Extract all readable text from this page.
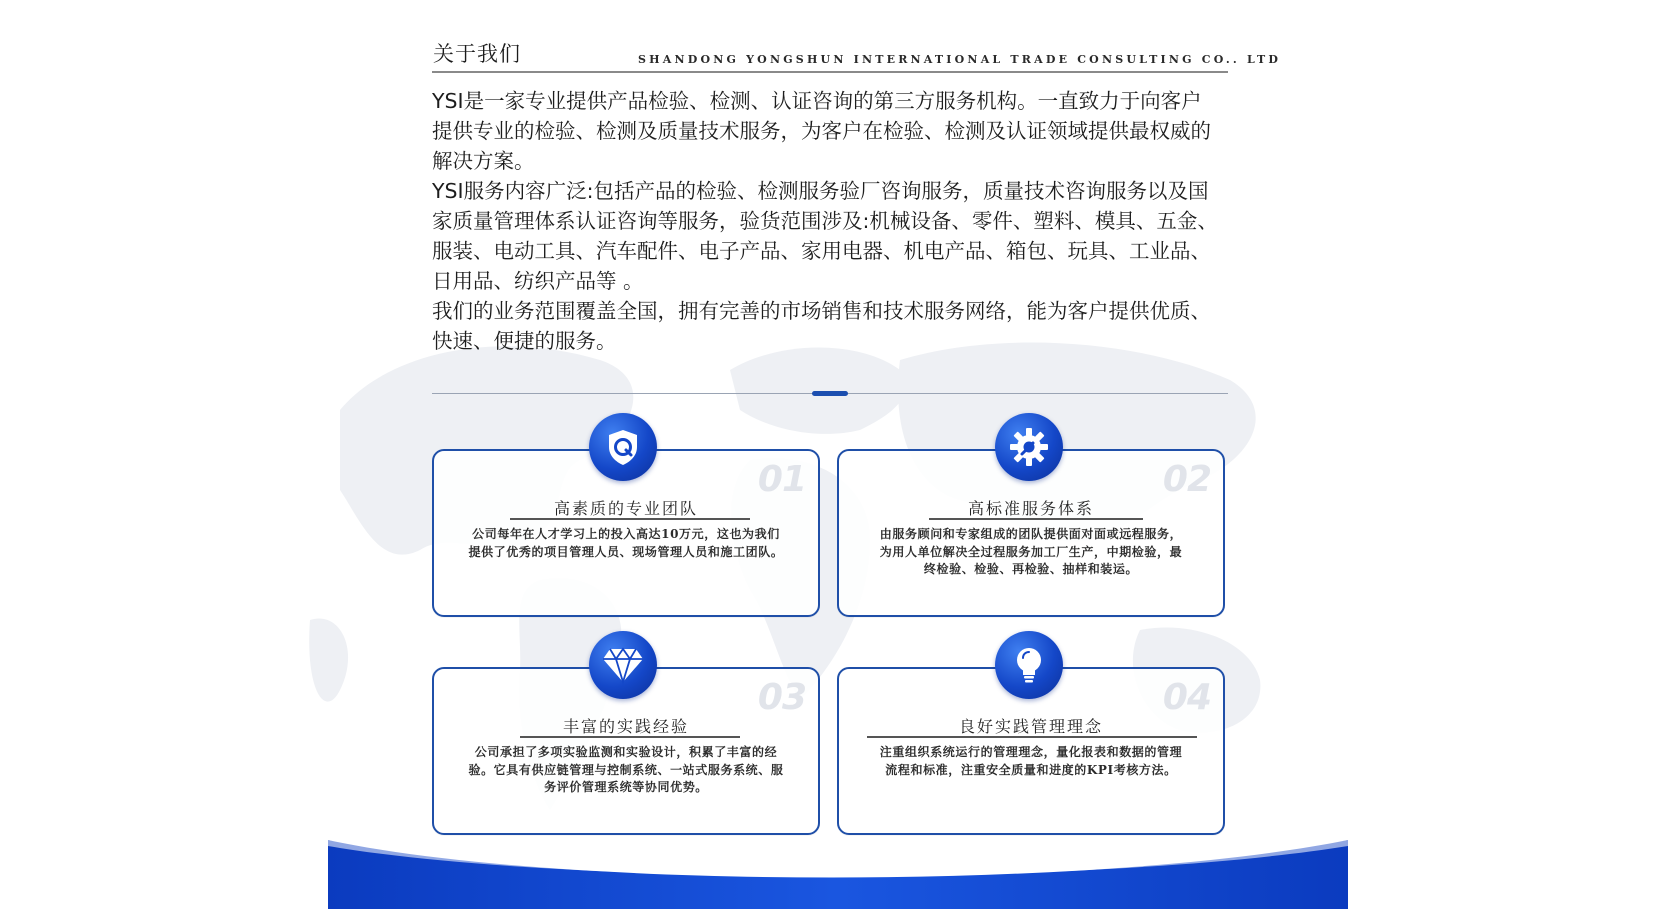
关于我们	SHANDONG YONGSHUN INTERNATIONAL TRADE CONSULTING CO.. LTD

YSI是一家专业提供产品检验、检测、认证咨询的第三方服务机构。一直致力于向客户提供专业的检验、检测及质量技术服务，为客户在检验、检测及认证领域提供最权威的解决方案。

YSI服务内容广泛:包括产品的检验、检测服务验厂咨询服务，质量技术咨询服务以及国家质量管理体系认证咨询等服务，验货范围涉及:机械设备、零件、塑料、模具、五金、服装、电动工具、汽车配件、电子产品、家用电器、机电产品、箱包、玩具、工业品、日用品、纺织产品等 。

我们的业务范围覆盖全国，拥有完善的市场销售和技术服务网络，能为客户提供优质、快速、便捷的服务。

01
高素质的专业团队
公司每年在人才学习上的投入高达10万元，这也为我们提供了优秀的项目管理人员、现场管理人员和施工团队。
02
高标准服务体系
由服务顾问和专家组成的团队提供面对面或远程服务，为用人单位解决全过程服务加工厂生产，中期检验，最终检验、检验、再检验、抽样和装运。
03
丰富的实践经验
公司承担了多项实验监测和实验设计，积累了丰富的经验。它具有供应链管理与控制系统、一站式服务系统、服务评价管理系统等协同优势。
04
良好实践管理理念
注重组织系统运行的管理理念，量化报表和数据的管理流程和标准，注重安全质量和进度的KPI考核方法。
